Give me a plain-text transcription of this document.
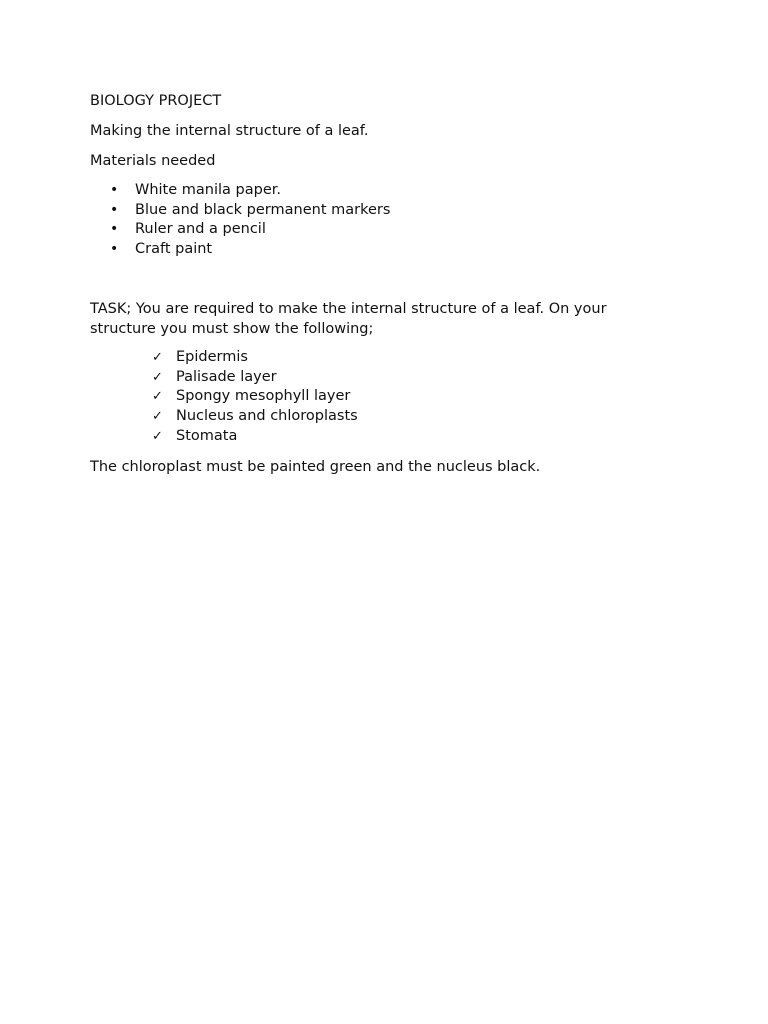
BIOLOGY PROJECT
Making the internal structure of a leaf.
Materials needed
• White manila paper.
• Blue and black permanent markers
• Ruler and a pencil
• Craft paint
TASK; You are required to make the internal structure of a leaf. On your structure you must show the following;
✓ Epidermis
✓ Palisade layer
✓ Spongy mesophyll layer
✓ Nucleus and chloroplasts
✓ Stomata
The chloroplast must be painted green and the nucleus black.
